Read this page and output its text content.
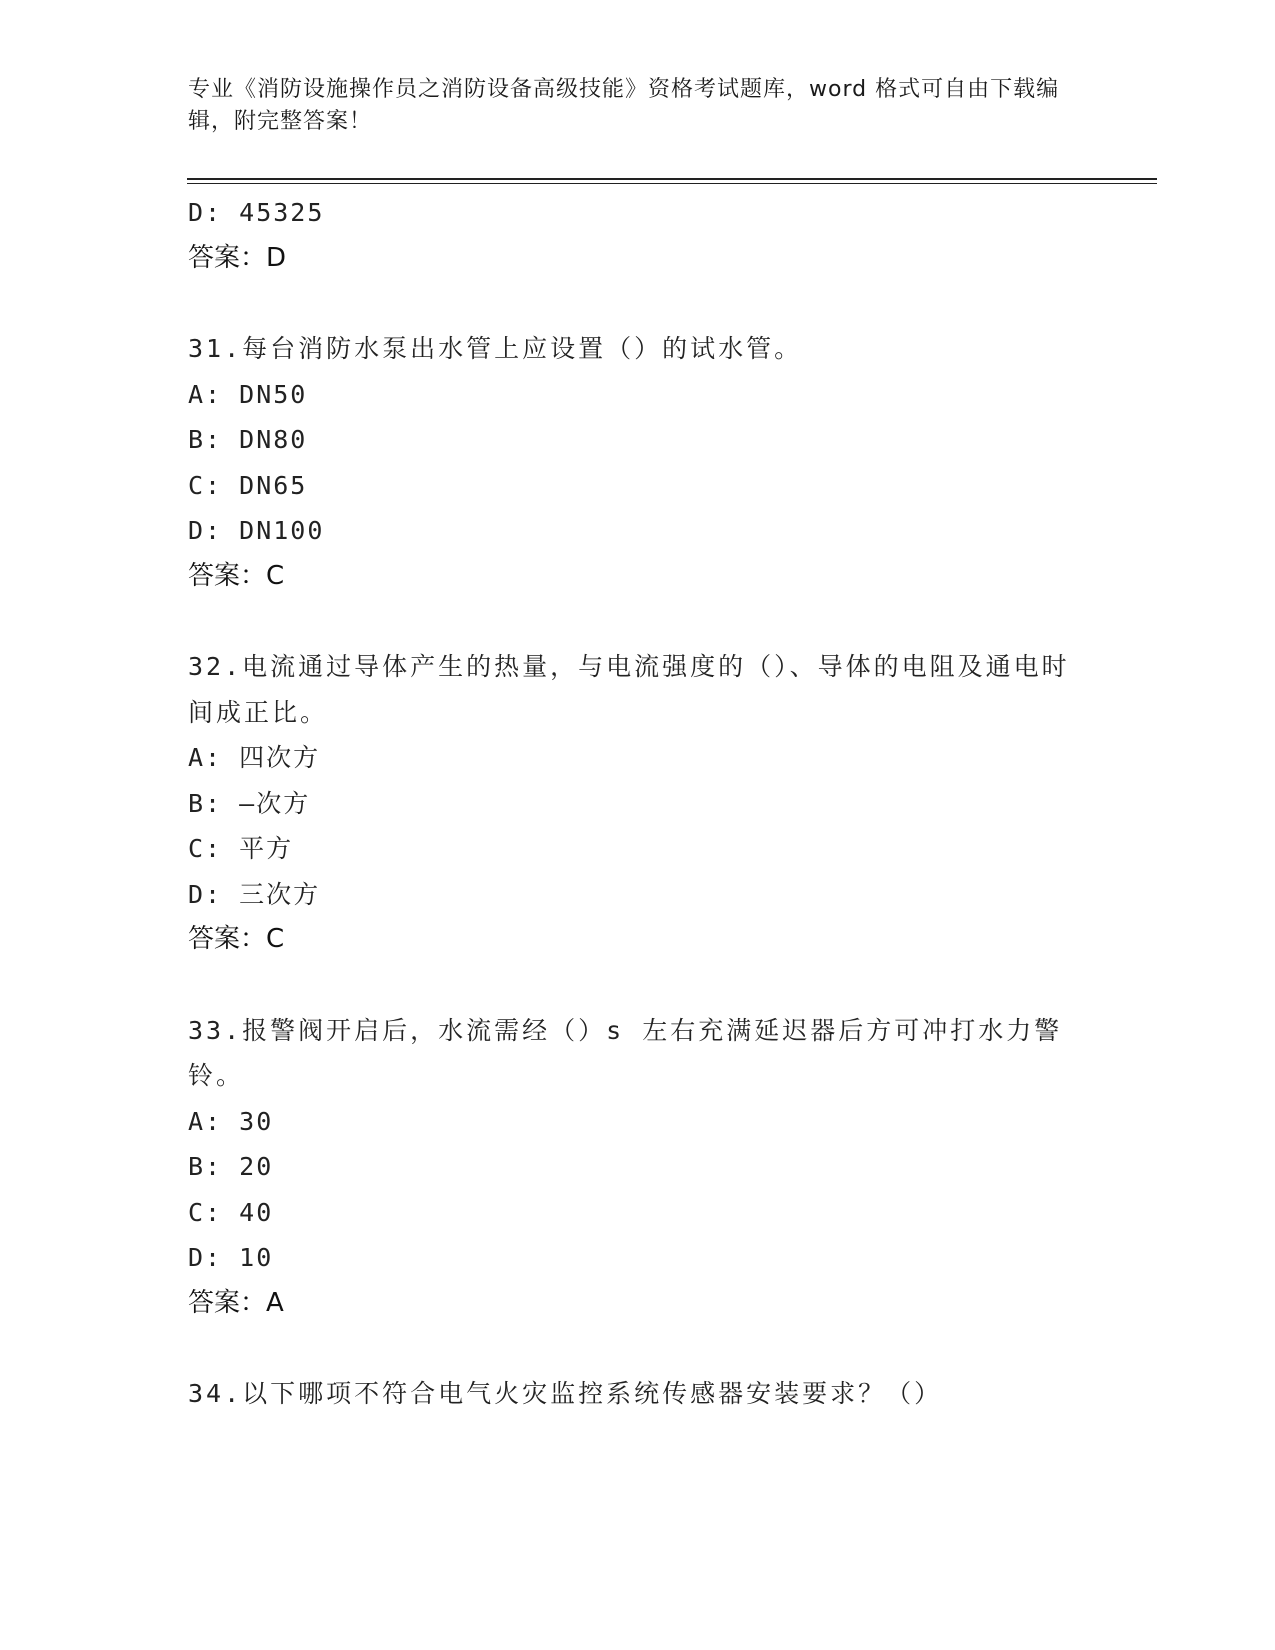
专业《消防设施操作员之消防设备高级技能》资格考试题库，word 格式可自由下载编辑，附完整答案！
D: 45325
答案：D
31.每台消防水泵出水管上应设置（）的试水管。
A: DN50
B: DN80
C: DN65
D: DN100
答案：C
32.电流通过导体产生的热量，与电流强度的（）、导体的电阻及通电时间成正比。
A: 四次方
B: —次方
C: 平方
D: 三次方
答案：C
33.报警阀开启后，水流需经（）s 左右充满延迟器后方可冲打水力警铃。
A: 30
B: 20
C: 40
D: 10
答案：A
34.以下哪项不符合电气火灾监控系统传感器安装要求？（）
